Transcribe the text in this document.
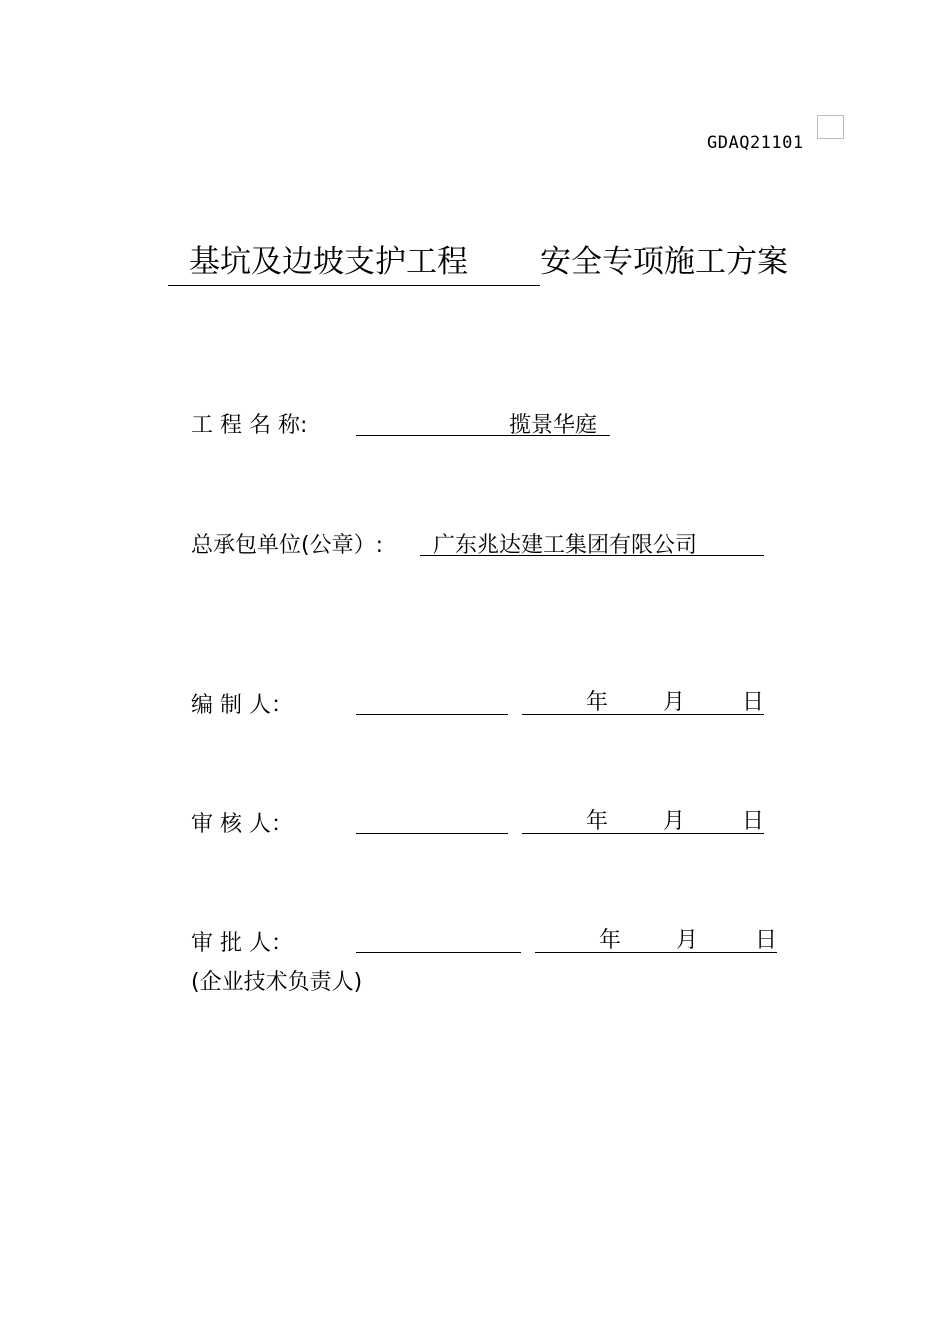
GDAQ21101
基坑及边坡支护工程 安全专项施工方案
工 程 名 称:	揽景华庭
总承包单位(公章）: 广东兆达建工集团有限公司
编 制 人：	年 月	日
审 核 人：	年 月	日
审 批 人：	年 月	日
(企业技术负责人)
